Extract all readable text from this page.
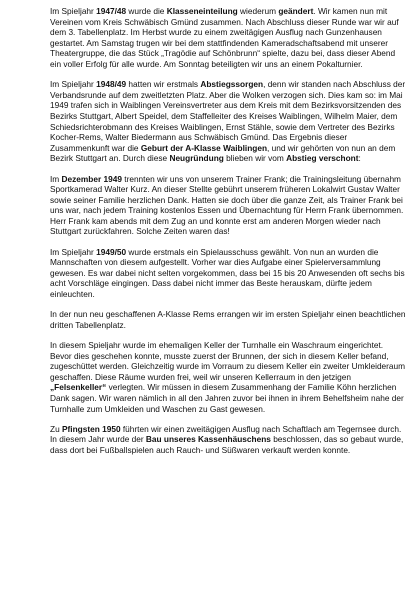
Im Spieljahr 1947/48 wurde die Klasseneinteilung wiederum geändert. Wir kamen nun mit Vereinen vom Kreis Schwäbisch Gmünd zusammen. Nach Abschluss dieser Runde war wir auf dem 3. Tabellenplatz. Im Herbst wurde zu einem zweitägigen Ausflug nach Gunzenhausen gestartet. Am Samstag trugen wir bei dem stattfindenden Kameradschaftsabend mit unserer Theatergruppe, die das Stück „Tragödie auf Schönbrunn“ spielte, dazu bei, dass dieser Abend ein voller Erfolg für alle wurde. Am Sonntag beteiligten wir uns an einem Pokalturnier.

Im Spieljahr 1948/49 hatten wir erstmals Abstiegssorgen, denn wir standen nach Abschluss der Verbandsrunde auf dem zweitletzten Platz. Aber die Wolken verzogen sich. Dies kam so: im Mai 1949 trafen sich in Waiblingen Vereinsvertreter aus dem Kreis mit dem Bezirksvorsitzenden des Bezirks Stuttgart, Albert Speidel, dem Staffelleiter des Kreises Waiblingen, Wilhelm Maier, dem Schiedsrichterobmann des Kreises Waiblingen, Ernst Stähle, sowie dem Vertreter des Bezirks Kocher-Rems, Walter Biedermann aus Schwäbisch Gmünd. Das Ergebnis dieser Zusammenkunft war die Geburt der A-Klasse Waiblingen, und wir gehörten von nun an dem Bezirk Stuttgart an. Durch diese Neugründung blieben wir vom Abstieg verschont:

Im Dezember 1949 trennten wir uns von unserem Trainer Frank; die Trainingsleitung übernahm Sportkamerad Walter Kurz. An dieser Stellte gebührt unserem früheren Lokalwirt Gustav Walter sowie seiner Familie herzlichen Dank. Hatten sie doch über die ganze Zeit, als Trainer Frank bei uns war, nach jedem Training kostenlos Essen und Übernachtung für Herrn Frank übernommen. Herr Frank kam abends mit dem Zug an und konnte erst am anderen Morgen wieder nach Stuttgart zurückfahren. Solche Zeiten waren das!

Im Spieljahr 1949/50 wurde erstmals ein Spielausschuss gewählt. Von nun an wurden die Mannschaften von diesem aufgestellt. Vorher war dies Aufgabe einer Spielerversammlung gewesen. Es war dabei nicht selten vorgekommen, dass bei 15 bis 20 Anwesenden oft sechs bis acht Vorschläge eingingen. Dass dabei nicht immer das Beste herauskam, dürfte jedem einleuchten.

In der nun neu geschaffenen A-Klasse Rems errangen wir im ersten Spieljahr einen beachtlichen dritten Tabellenplatz.

In diesem Spieljahr wurde im ehemaligen Keller der Turnhalle ein Waschraum eingerichtet. Bevor dies geschehen konnte, musste zuerst der Brunnen, der sich in diesem Keller befand, zugeschüttet werden. Gleichzeitig wurde im Vorraum zu diesem Keller ein zweiter Umkleideraum geschaffen. Diese Räume wurden frei, weil wir unseren Kellerraum in den jetzigen „Felsenkeller“ verlegten. Wir müssen in diesem Zusammenhang der Familie Köhn herzlichen Dank sagen. Wir waren nämlich in all den Jahren zuvor bei ihnen in ihrem Behelfsheim nahe der Turnhalle zum Umkleiden und Waschen zu Gast gewesen.

Zu Pfingsten 1950 führten wir einen zweitägigen Ausflug nach Schaftlach am Tegernsee durch. In diesem Jahr wurde der Bau unseres Kassenhäuschens beschlossen, das so gebaut wurde, dass dort bei Fußballspielen auch Rauch- und Süßwaren verkauft werden konnte.
